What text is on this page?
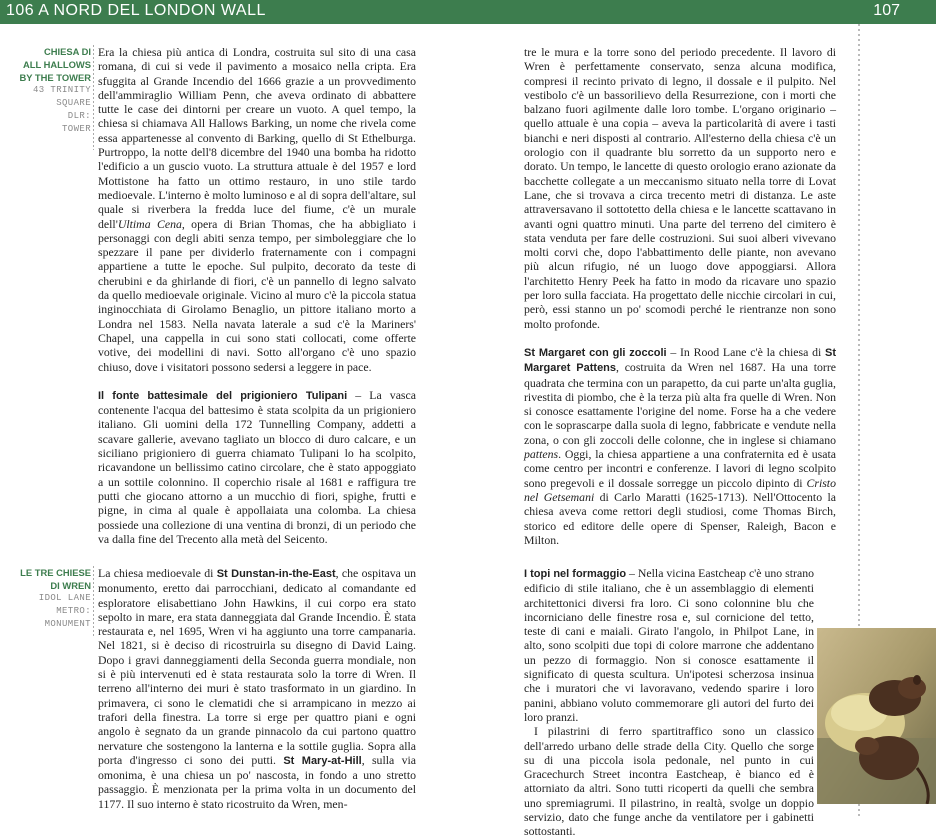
106 A NORD DEL LONDON WALL	107
CHIESA DI
ALL HALLOWS
BY THE TOWER
43 TRINITY
SQUARE
DLR:
TOWER
LE TRE CHIESE
DI WREN
IDOL LANE
METRO:
MONUMENT

Era la chiesa più antica di Londra, costruita sul sito di una casa romana, di cui si vede il pavimento a mosaico nella cripta. Era sfuggita al Grande Incendio del 1666 grazie a un provvedimento dell'ammiraglio William Penn, che aveva ordinato di abbattere tutte le case dei dintorni per creare un vuoto. A quel tempo, la chiesa si chiamava All Hallows Barking, un nome che rivela come essa appartenesse al convento di Barking, quello di St Ethelburga. Purtroppo, la notte dell'8 dicembre del 1940 una bomba ha ridotto l'edificio a un guscio vuoto. La struttura attuale è del 1957 e lord Mottistone ha fatto un ottimo restauro, in uno stile tardo medioevale. L'interno è molto luminoso e al di sopra dell'altare, sul quale si riverbera la fredda luce del fiume, c'è un murale dell'Ultima Cena, opera di Brian Thomas, che ha abbigliato i personaggi con degli abiti senza tempo, per simboleggiare che lo spezzare il pane per dividerlo fraternamente con i compagni appartiene a tutte le epoche. Sul pulpito, decorato da teste di cherubini e da ghirlande di fiori, c'è un pannello di legno salvato da quello medioevale originale. Vicino al muro c'è la piccola statua inginocchiata di Girolamo Benaglio, un pittore italiano morto a Londra nel 1583. Nella navata laterale a sud c'è la Mariners' Chapel, una cappella in cui sono stati collocati, come offerte votive, dei modellini di navi. Sotto all'organo c'è uno spazio chiuso, dove i visitatori possono sedersi a leggere in pace.

Il fonte battesimale del prigioniero Tulipani – La vasca contenente l'acqua del battesimo è stata scolpita da un prigioniero italiano. Gli uomini della 172 Tunnelling Company, addetti a scavare gallerie, avevano tagliato un blocco di duro calcare, e un siciliano prigioniero di guerra chiamato Tulipani lo ha scolpito, ricavandone un bellissimo catino circolare, che è stato appoggiato a un sottile colonnino. Il coperchio risale al 1681 e raffigura tre putti che giocano attorno a un mucchio di fiori, spighe, frutti e pigne, in cima al quale è appollaiata una colomba. La chiesa possiede una collezione di una ventina di bronzi, di un periodo che va dalla fine del Trecento alla metà del Seicento.

La chiesa medioevale di St Dunstan-in-the-East, che ospitava un monumento, eretto dai parrocchiani, dedicato al comandante ed esploratore elisabettiano John Hawkins, il cui corpo era stato sepolto in mare, era stata danneggiata dal Grande Incendio. È stata restaurata e, nel 1695, Wren vi ha aggiunto una torre campanaria. Nel 1821, si è deciso di ricostruirla su disegno di David Laing. Dopo i gravi danneggiamenti della Seconda guerra mondiale, non si è più intervenuti ed è stata restaurata solo la torre di Wren. Il terreno all'interno dei muri è stato trasformato in un giardino. In primavera, ci sono le clematidi che si arrampicano in mezzo ai trafori della finestra. La torre si erge per quattro piani e ogni angolo è segnato da un grande pinnacolo da cui partono quattro nervature che sostengono la lanterna e la sottile guglia. Sopra alla porta d'ingresso ci sono dei putti. St Mary-at-Hill, sulla via omonima, è una chiesa un po' nascosta, in fondo a uno stretto passaggio. È menzionata per la prima volta in un documento del 1177. Il suo interno è stato ricostruito da Wren, men-

tre le mura e la torre sono del periodo precedente. Il lavoro di Wren è perfettamente conservato, senza alcuna modifica, compresi il recinto privato di legno, il dossale e il pulpito. Nel vestibolo c'è un bassorilievo della Resurrezione, con i morti che balzano fuori agilmente dalle loro tombe. L'organo originario – quello attuale è una copia – aveva la particolarità di avere i tasti bianchi e neri disposti al contrario. All'esterno della chiesa c'è un orologio con il quadrante blu sorretto da un supporto nero e dorato. Un tempo, le lancette di questo orologio erano azionate da bacchette collegate a un meccanismo situato nella torre di Lovat Lane, che si trovava a circa trecento metri di distanza. Le aste attraversavano il sottotetto della chiesa e le lancette scattavano in avanti ogni quattro minuti. Una parte del terreno del cimitero è stata venduta per fare delle costruzioni. Sui suoi alberi vivevano molti corvi che, dopo l'abbattimento delle piante, non avevano più alcun rifugio, né un luogo dove appoggiarsi. Allora l'architetto Henry Peek ha fatto in modo da ricavare uno spazio per loro sulla facciata. Ha progettato delle nicchie circolari in cui, però, essi stanno un po' scomodi perché le rientranze non sono molto profonde.

St Margaret con gli zoccoli – In Rood Lane c'è la chiesa di St Margaret Pattens, costruita da Wren nel 1687. Ha una torre quadrata che termina con un parapetto, da cui parte un'alta guglia, rivestita di piombo, che è la terza più alta fra quelle di Wren. Non si conosce esattamente l'origine del nome. Forse ha a che vedere con le soprascarpe dalla suola di legno, fabbricate e vendute nella zona, o con gli zoccoli delle colonne, che in inglese si chiamano pattens. Oggi, la chiesa appartiene a una confraternita ed è usata come centro per incontri e conferenze. I lavori di legno scolpito sono pregevoli e il dossale sorregge un piccolo dipinto di Cristo nel Getsemani di Carlo Maratti (1625-1713). Nell'Ottocento la chiesa aveva come rettori degli studiosi, come Thomas Birch, storico ed editore delle opere di Spenser, Raleigh, Bacon e Milton.

I topi nel formaggio – Nella vicina Eastcheap c'è uno strano edificio di stile italiano, che è un assemblaggio di elementi architettonici diversi fra loro. Ci sono colonnine blu che incorniciano delle finestre rosa e, sul cornicione del tetto, teste di cani e maiali. Girato l'angolo, in Philpot Lane, in alto, sono scolpiti due topi di colore marrone che addentano un pezzo di formaggio. Non si conosce esattamente il significato di questa scultura. Un'ipotesi scherzosa insinua che i muratori che vi lavoravano, vedendo sparire i loro panini, abbiano voluto commemorare gli autori del furto dei loro pranzi.

I pilastrini di ferro spartitraffico sono un classico dell'arredo urbano delle strade della City. Quello che sorge su di una piccola isola pedonale, nel punto in cui Gracechurch Street incontra Eastcheap, è bianco ed è attorniato da altri. Sono tutti ricoperti da quelli che sembra uno spremiagrumi. Il pilastrino, in realtà, svolge un doppio servizio, dato che funge anche da ventilatore per i gabinetti sottostanti.
